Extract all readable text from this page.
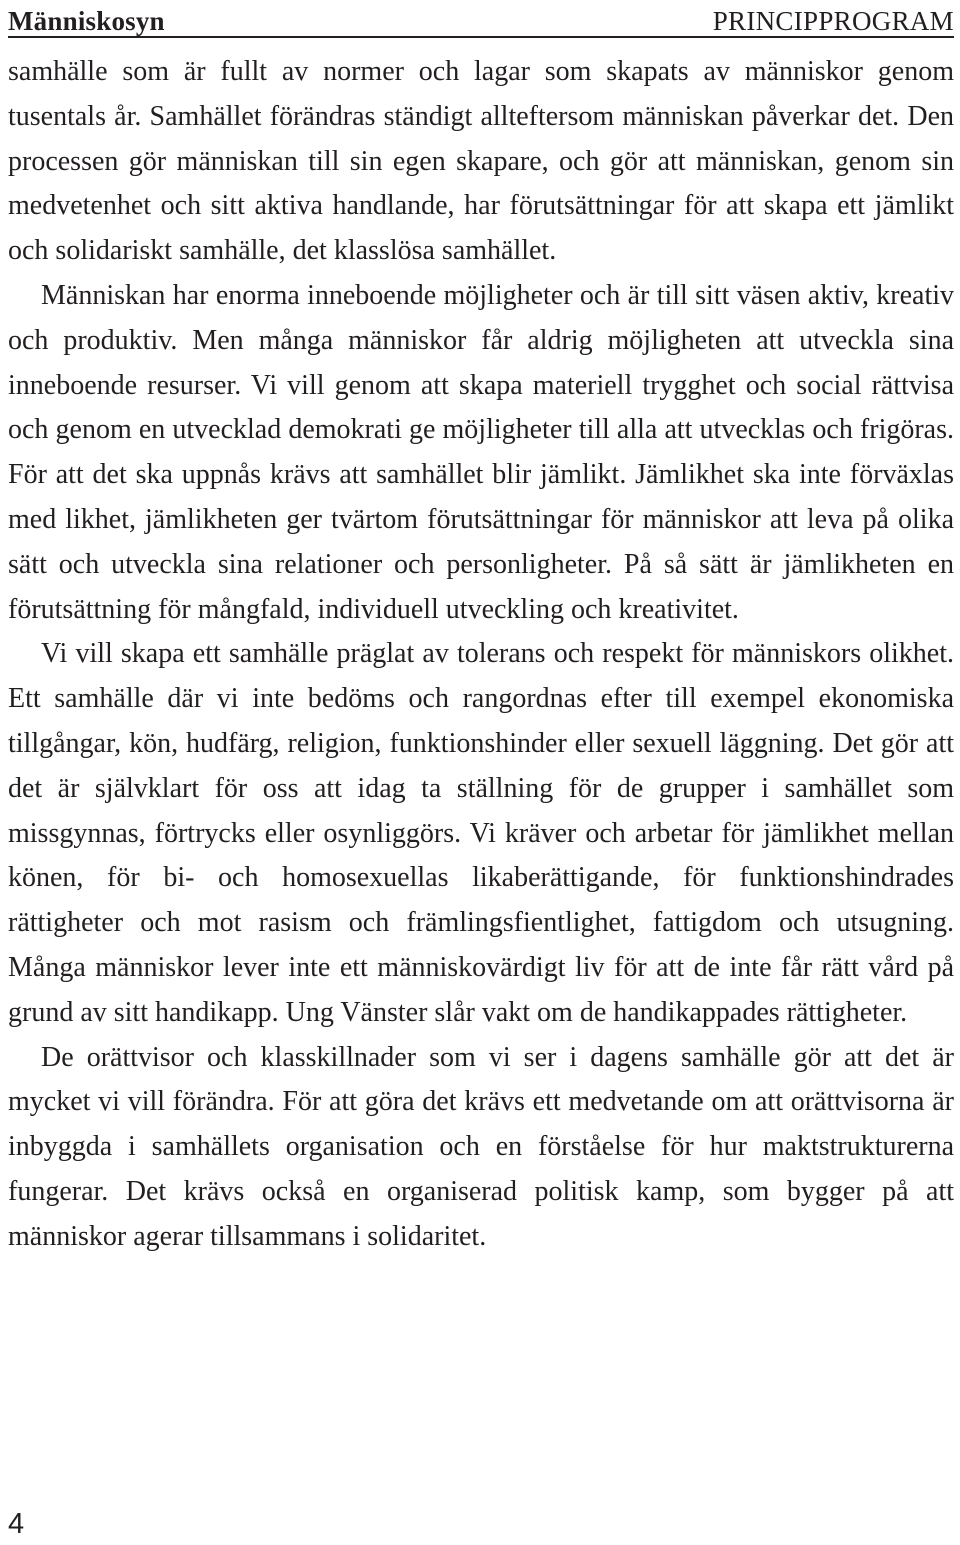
Människosyn	PRINCIPPROGRAM

samhälle som är fullt av normer och lagar som skapats av människor genom tusentals år. Samhället förändras ständigt allteftersom människan påverkar det. Den processen gör människan till sin egen skapare, och gör att människan, genom sin medvetenhet och sitt aktiva handlande, har förutsättningar för att skapa ett jämlikt och solidariskt samhälle, det klasslösa samhället.

Människan har enorma inneboende möjligheter och är till sitt väsen aktiv, kreativ och produktiv. Men många människor får aldrig möjligheten att utveckla sina inneboende resurser. Vi vill genom att skapa materiell trygghet och social rättvisa och genom en utvecklad demokrati ge möjligheter till alla att utvecklas och frigöras. För att det ska uppnås krävs att samhället blir jämlikt. Jämlikhet ska inte förväxlas med likhet, jämlikheten ger tvärtom förutsättningar för människor att leva på olika sätt och utveckla sina relationer och personligheter. På så sätt är jämlikheten en förutsättning för mångfald, individuell utveckling och kreativitet.

Vi vill skapa ett samhälle präglat av tolerans och respekt för människors olikhet. Ett samhälle där vi inte bedöms och rangordnas efter till exempel ekonomiska tillgångar, kön, hudfärg, religion, funktionshinder eller sexuell läggning. Det gör att det är självklart för oss att idag ta ställning för de grupper i samhället som missgynnas, förtrycks eller osynliggörs. Vi kräver och arbetar för jämlikhet mellan könen, för bi- och homosexuellas likaberättigande, för funktionshindrades rättigheter och mot rasism och främlingsfientlighet, fattigdom och utsugning. Många människor lever inte ett människovärdigt liv för att de inte får rätt vård på grund av sitt handikapp. Ung Vänster slår vakt om de handikappades rättigheter.

De orättvisor och klasskillnader som vi ser i dagens samhälle gör att det är mycket vi vill förändra. För att göra det krävs ett medvetande om att orättvisorna är inbyggda i samhällets organisation och en förståelse för hur maktstrukturerna fungerar. Det krävs också en organiserad politisk kamp, som bygger på att människor agerar tillsammans i solidaritet.

4
